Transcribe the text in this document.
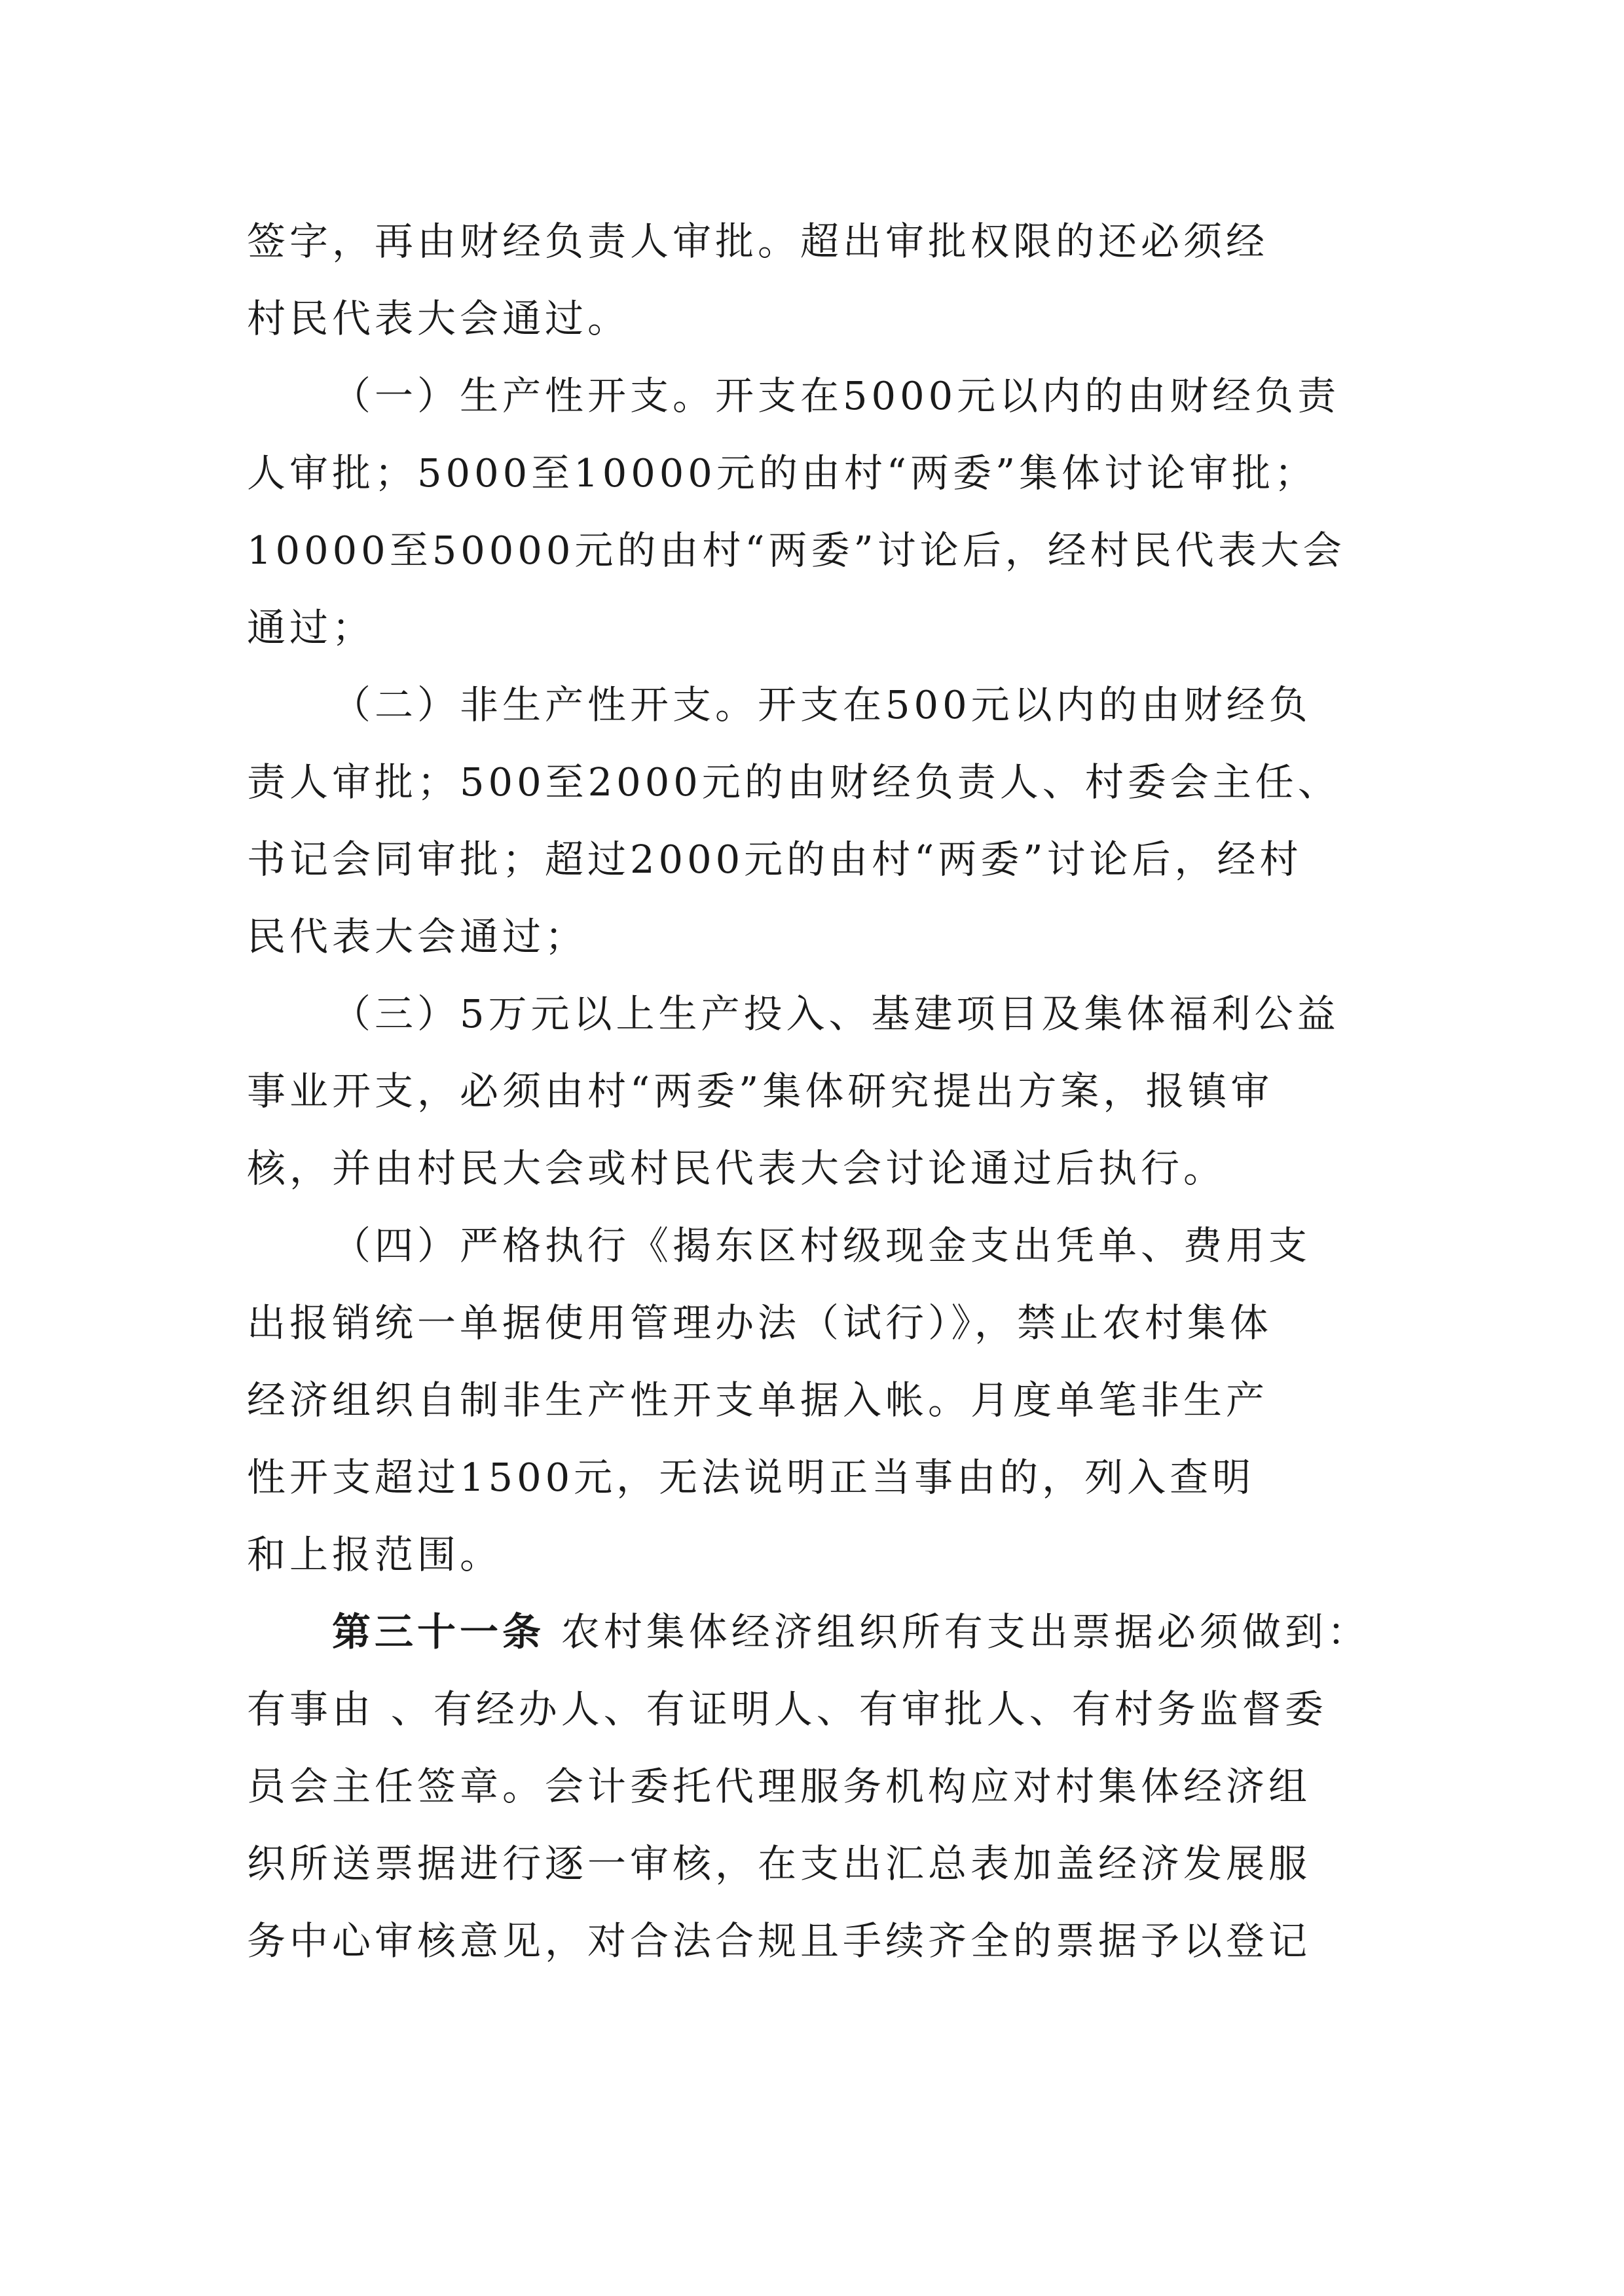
签字，再由财经负责人审批。超出审批权限的还必须经
村民代表大会通过。
（一）生产性开支。开支在5000元以内的由财经负责
人审批；5000至10000元的由村“两委”集体讨论审批；
10000至50000元的由村“两委”讨论后，经村民代表大会
通过；
（二）非生产性开支。开支在500元以内的由财经负
责人审批；500至2000元的由财经负责人、村委会主任、
书记会同审批；超过2000元的由村“两委”讨论后，经村
民代表大会通过；
（三）5万元以上生产投入、基建项目及集体福利公益
事业开支，必须由村“两委”集体研究提出方案，报镇审
核，并由村民大会或村民代表大会讨论通过后执行。
（四）严格执行《揭东区村级现金支出凭单、费用支
出报销统一单据使用管理办法（试行）》，禁止农村集体
经济组织自制非生产性开支单据入帐。月度单笔非生产
性开支超过1500元，无法说明正当事由的，列入查明
和上报范围。
第三十一条 农村集体经济组织所有支出票据必须做到：
有事由 、有经办人、有证明人、有审批人、有村务监督委
员会主任签章。会计委托代理服务机构应对村集体经济组
织所送票据进行逐一审核，在支出汇总表加盖经济发展服
务中心审核意见，对合法合规且手续齐全的票据予以登记
